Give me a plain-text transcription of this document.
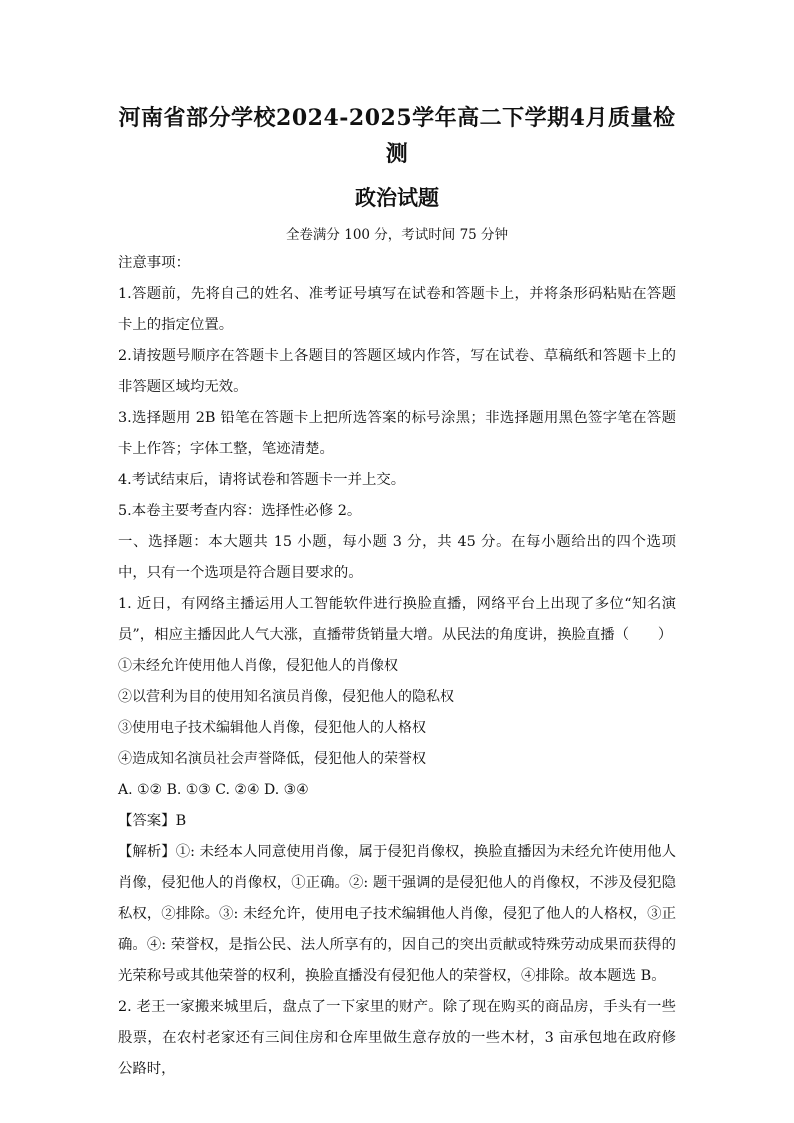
河南省部分学校2024-2025学年高二下学期4月质量检测
政治试题

全卷满分 100 分，考试时间 75 分钟

注意事项：

1.答题前，先将自己的姓名、准考证号填写在试卷和答题卡上，并将条形码粘贴在答题卡上的指定位置。

2.请按题号顺序在答题卡上各题目的答题区域内作答，写在试卷、草稿纸和答题卡上的非答题区域均无效。

3.选择题用 2B 铅笔在答题卡上把所选答案的标号涂黑；非选择题用黑色签字笔在答题卡上作答；字体工整，笔迹清楚。

4.考试结束后，请将试卷和答题卡一并上交。

5.本卷主要考查内容：选择性必修 2。

一、选择题：本大题共 15 小题，每小题 3 分，共 45 分。在每小题给出的四个选项中，只有一个选项是符合题目要求的。

1. 近日，有网络主播运用人工智能软件进行换脸直播，网络平台上出现了多位“知名演员”，相应主播因此人气大涨，直播带货销量大增。从民法的角度讲，换脸直播（　　）

①未经允许使用他人肖像，侵犯他人的肖像权

②以营利为目的使用知名演员肖像，侵犯他人的隐私权

③使用电子技术编辑他人肖像，侵犯他人的人格权

④造成知名演员社会声誉降低，侵犯他人的荣誉权

A. ①② B. ①③ C. ②④ D. ③④

【答案】B

【解析】①: 未经本人同意使用肖像，属于侵犯肖像权，换脸直播因为未经允许使用他人肖像，侵犯他人的肖像权，①正确。②: 题干强调的是侵犯他人的肖像权，不涉及侵犯隐私权，②排除。③: 未经允许，使用电子技术编辑他人肖像，侵犯了他人的人格权，③正确。④: 荣誉权，是指公民、法人所享有的，因自己的突出贡献或特殊劳动成果而获得的光荣称号或其他荣誉的权利，换脸直播没有侵犯他人的荣誉权，④排除。故本题选 B。

2. 老王一家搬来城里后，盘点了一下家里的财产。除了现在购买的商品房，手头有一些股票，在农村老家还有三间住房和仓库里做生意存放的一些木材，3 亩承包地在政府修公路时，
